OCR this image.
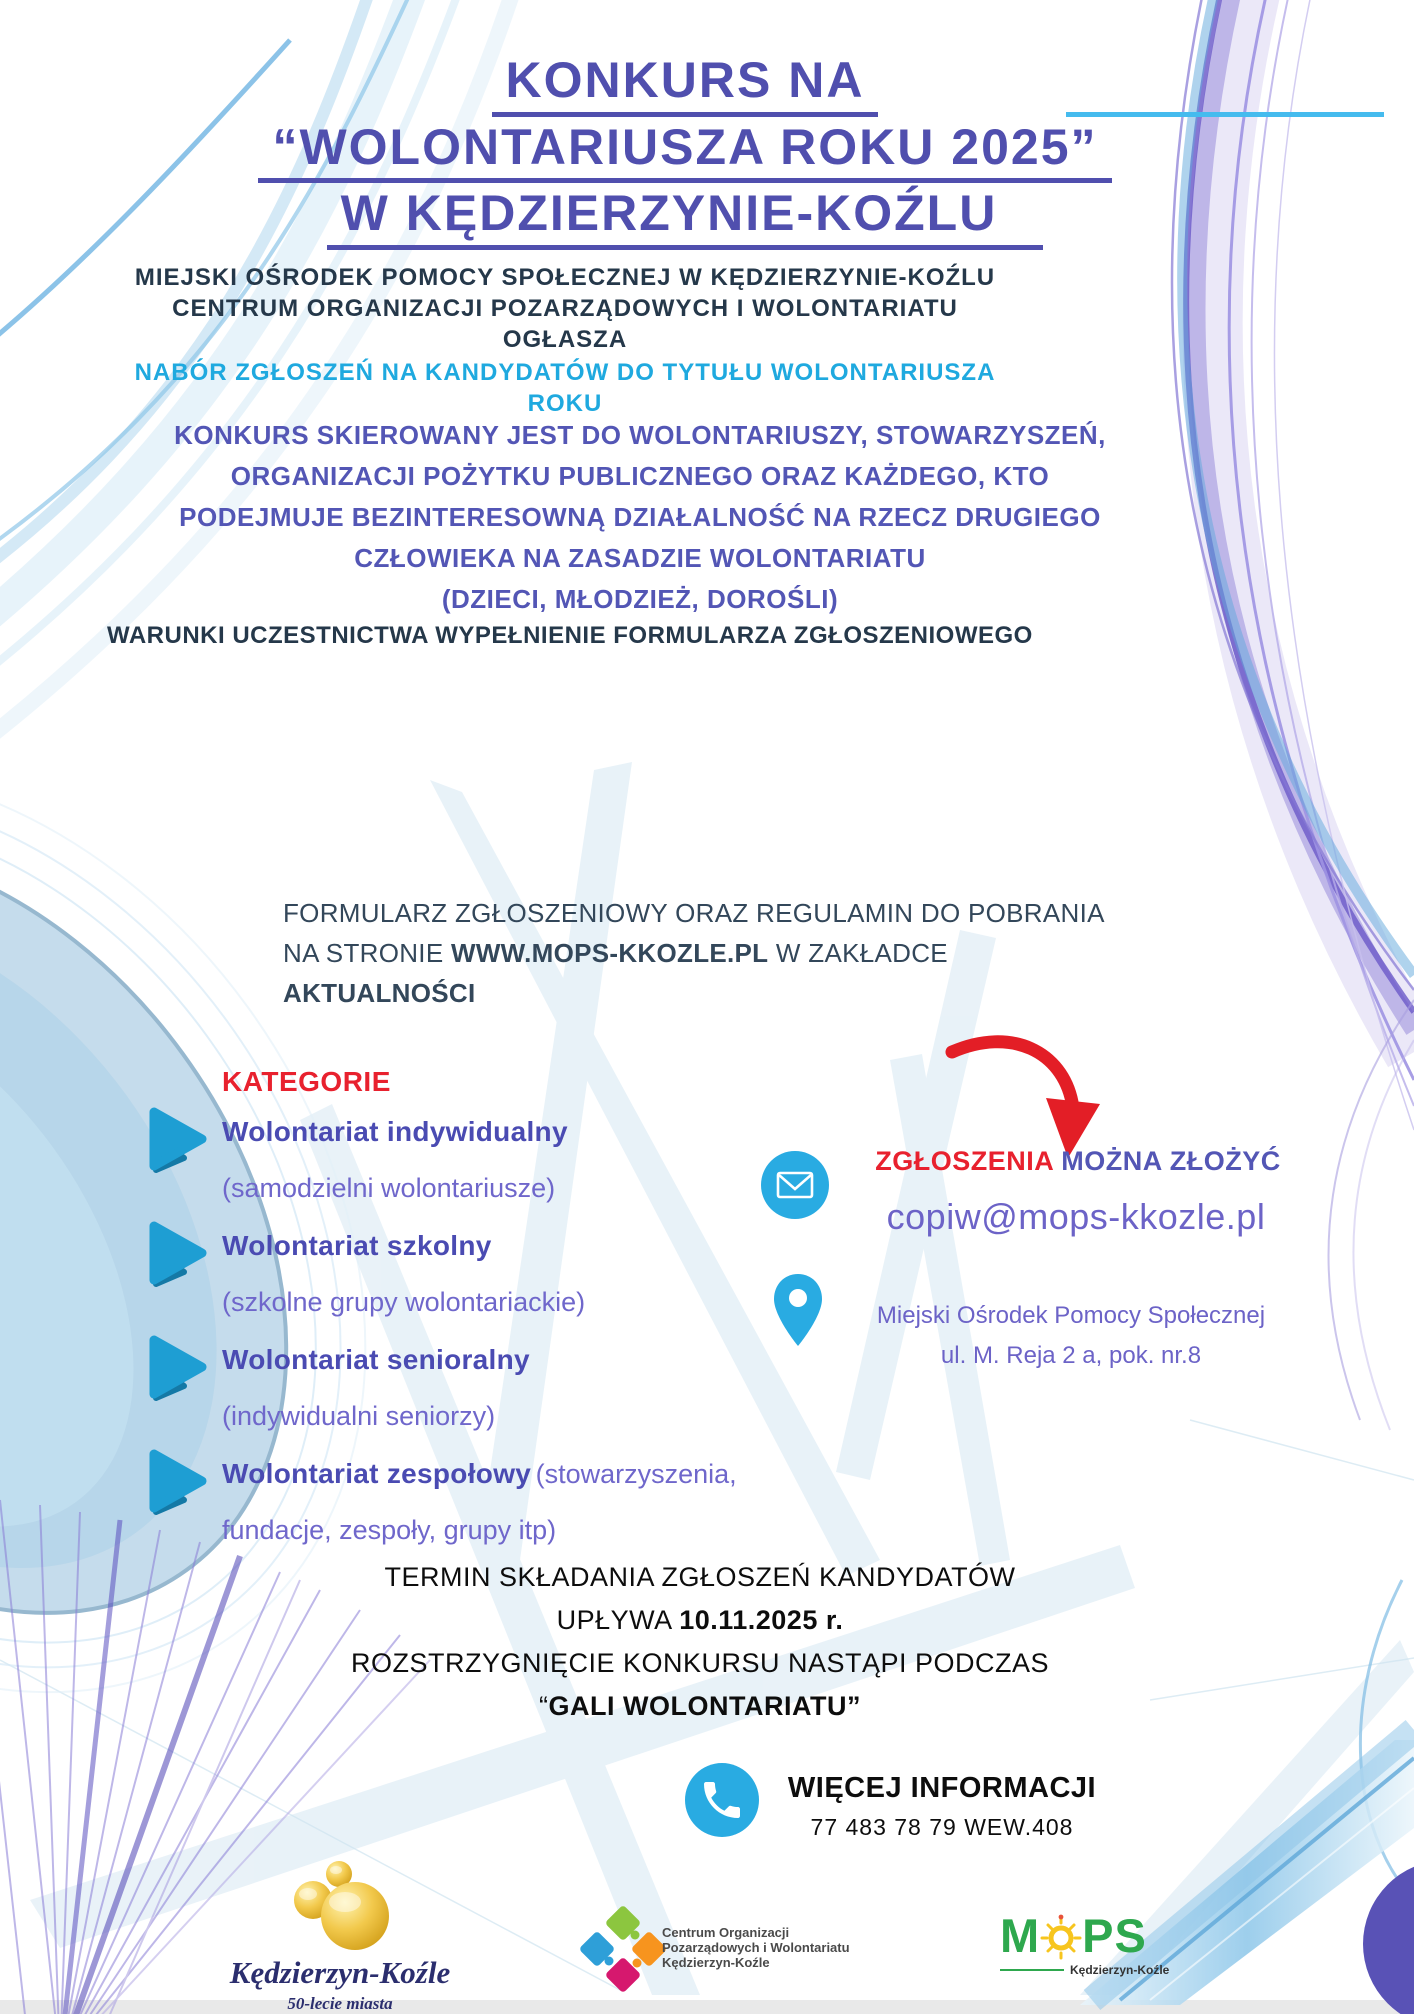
KONKURS NA
“WOLONTARIUSZA ROKU 2025”
W KĘDZIERZYNIE-KOŹLU
MIEJSKI OŚRODEK POMOCY SPOŁECZNEJ W KĘDZIERZYNIE-KOŹLU
CENTRUM ORGANIZACJI POZARZĄDOWYCH I WOLONTARIATU
OGŁASZA
NABÓR ZGŁOSZEŃ NA KANDYDATÓW DO TYTUŁU WOLONTARIUSZA
ROKU
KONKURS SKIEROWANY JEST DO WOLONTARIUSZY, STOWARZYSZEŃ,
ORGANIZACJI POŻYTKU PUBLICZNEGO ORAZ KAŻDEGO, KTO
PODEJMUJE BEZINTERESOWNĄ DZIAŁALNOŚĆ NA RZECZ DRUGIEGO
CZŁOWIEKA NA ZASADZIE WOLONTARIATU
(DZIECI, MŁODZIEŻ, DOROŚLI)
WARUNKI UCZESTNICTWA WYPEŁNIENIE FORMULARZA ZGŁOSZENIOWEGO
FORMULARZ ZGŁOSZENIOWY ORAZ REGULAMIN DO POBRANIA
NA STRONIE WWW.MOPS-KKOZLE.PL W ZAKŁADCE
AKTUALNOŚCI
KATEGORIE
Wolontariat indywidualny
(samodzielni wolontariusze)
Wolontariat szkolny
(szkolne grupy wolontariackie)
Wolontariat senioralny
(indywidualni seniorzy)
Wolontariat zespołowy (stowarzyszenia, fundacje, zespoły, grupy itp)
ZGŁOSZENIA MOŻNA ZŁOŻYĆ
copiw@mops-kkozle.pl
Miejski Ośrodek Pomocy Społecznej
ul. M. Reja 2 a, pok. nr.8
TERMIN SKŁADANIA ZGŁOSZEŃ KANDYDATÓW
UPŁYWA 10.11.2025 r.
ROZSTRZYGNIĘCIE KONKURSU NASTĄPI PODCZAS
“GALI WOLONTARIATU”
WIĘCEJ INFORMACJI
77 483 78 79 WEW.408
Kędzierzyn-Koźle
50-lecie miasta
Centrum Organizacji
Pozarządowych i Wolontariatu
Kędzierzyn-Koźle
M PS
Kędzierzyn-Koźle
